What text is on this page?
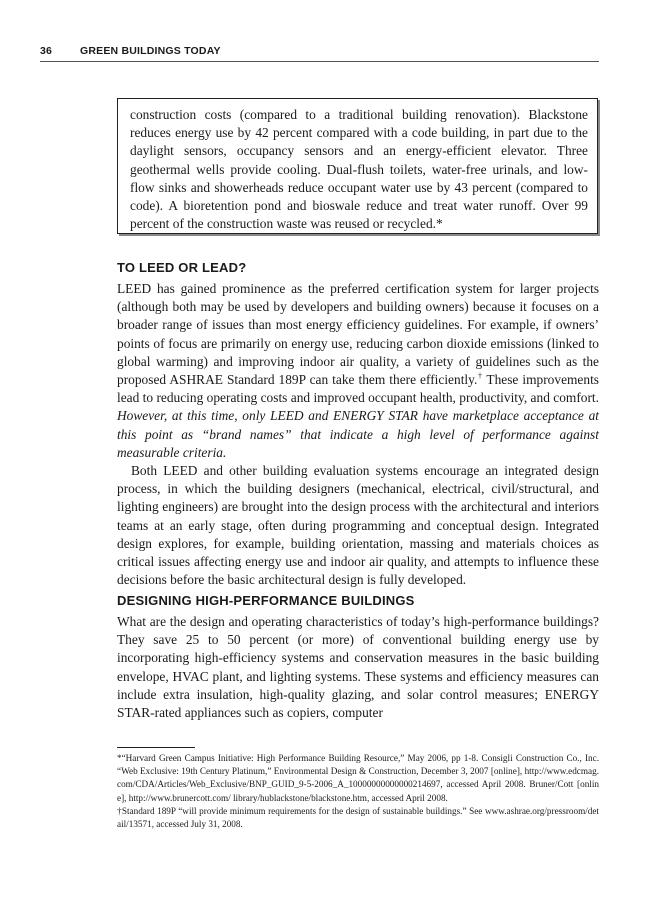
36	GREEN BUILDINGS TODAY

construction costs (compared to a traditional building renovation). Blackstone reduces energy use by 42 percent compared with a code building, in part due to the daylight sensors, occupancy sensors and an energy-efficient elevator. Three geothermal wells provide cooling. Dual-flush toilets, water-free urinals, and low-flow sinks and showerheads reduce occupant water use by 43 percent (compared to code). A bioretention pond and bioswale reduce and treat water runoff. Over 99 percent of the construction waste was reused or recycled.*

TO LEED OR LEAD?

LEED has gained prominence as the preferred certification system for larger projects (although both may be used by developers and building owners) because it focuses on a broader range of issues than most energy efficiency guidelines. For example, if owners’ points of focus are primarily on energy use, reducing carbon dioxide emissions (linked to global warming) and improving indoor air quality, a variety of guidelines such as the proposed ASHRAE Standard 189P can take them there efficiently.† These improvements lead to reducing operating costs and improved occupant health, productivity, and comfort. However, at this time, only LEED and ENERGY STAR have marketplace acceptance at this point as “brand names” that indicate a high level of performance against measurable criteria.

Both LEED and other building evaluation systems encourage an integrated design process, in which the building designers (mechanical, electrical, civil/structural, and lighting engineers) are brought into the design process with the architectural and interiors teams at an early stage, often during programming and conceptual design. Integrated design explores, for example, building orientation, massing and materials choices as critical issues affecting energy use and indoor air quality, and attempts to influence these decisions before the basic architectural design is fully developed.

DESIGNING HIGH-PERFORMANCE BUILDINGS

What are the design and operating characteristics of today’s high-performance buildings? They save 25 to 50 percent (or more) of conventional building energy use by incorporating high-efficiency systems and conservation measures in the basic building envelope, HVAC plant, and lighting systems. These systems and efficiency measures can include extra insulation, high-quality glazing, and solar control measures; ENERGY STAR-rated appliances such as copiers, computer

*“Harvard Green Campus Initiative: High Performance Building Resource,” May 2006, pp 1-8. Consigli Construction Co., Inc. “Web Exclusive: 19th Century Platinum,” Environmental Design & Construction, December 3, 2007 [online], http://www.edcmag.com/CDA/Articles/Web_Exclusive/BNP_GUID_9-5-2006_A_10000000000000214697, accessed April 2008. Bruner/Cott [online], http://www.brunercott.com/ library/hublackstone/blackstone.htm, accessed April 2008.

†Standard 189P “will provide minimum requirements for the design of sustainable buildings.” See www.ashrae.org/pressroom/detail/13571, accessed July 31, 2008.
